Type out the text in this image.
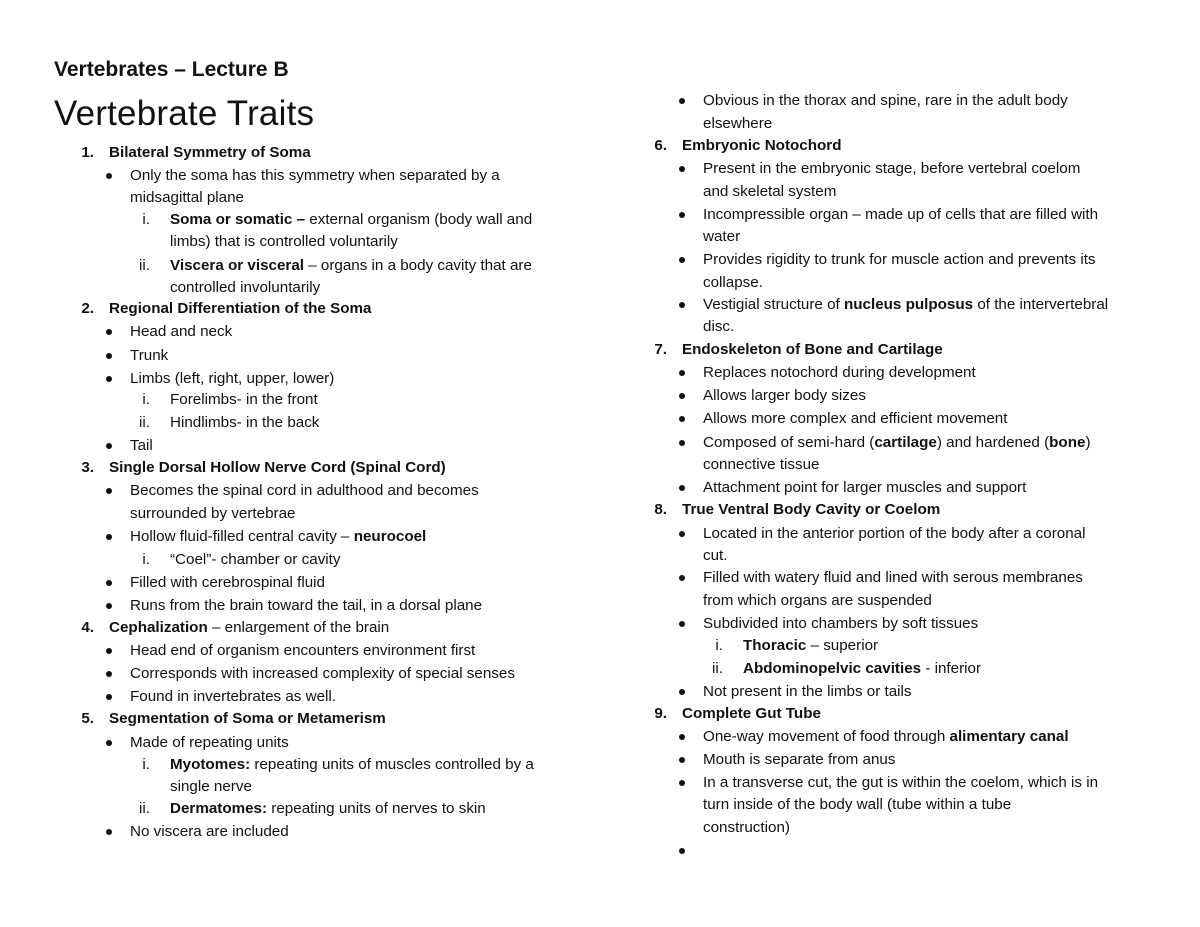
Vertebrates – Lecture B
Vertebrate Traits
1. Bilateral Symmetry of Soma
Only the soma has this symmetry when separated by a
midsagittal plane
i. Soma or somatic – external organism (body wall and
limbs) that is controlled voluntarily
ii. Viscera or visceral – organs in a body cavity that are
controlled involuntarily
2. Regional Differentiation of the Soma
Head and neck
Trunk
Limbs (left, right, upper, lower)
i. Forelimbs- in the front
ii. Hindlimbs- in the back
Tail
3. Single Dorsal Hollow Nerve Cord (Spinal Cord)
Becomes the spinal cord in adulthood and becomes
surrounded by vertebrae
Hollow fluid-filled central cavity – neurocoel
i. “Coel”- chamber or cavity
Filled with cerebrospinal fluid
Runs from the brain toward the tail, in a dorsal plane
4. Cephalization – enlargement of the brain
Head end of organism encounters environment first
Corresponds with increased complexity of special senses
Found in invertebrates as well.
5. Segmentation of Soma or Metamerism
Made of repeating units
i. Myotomes: repeating units of muscles controlled by a
single nerve
ii. Dermatomes: repeating units of nerves to skin
No viscera are included
Obvious in the thorax and spine, rare in the adult body
elsewhere
6. Embryonic Notochord
Present in the embryonic stage, before vertebral coelom
and skeletal system
Incompressible organ – made up of cells that are filled with
water
Provides rigidity to trunk for muscle action and prevents its
collapse.
Vestigial structure of nucleus pulposus of the intervertebral
disc.
7. Endoskeleton of Bone and Cartilage
Replaces notochord during development
Allows larger body sizes
Allows more complex and efficient movement
Composed of semi-hard (cartilage) and hardened (bone)
connective tissue
Attachment point for larger muscles and support
8. True Ventral Body Cavity or Coelom
Located in the anterior portion of the body after a coronal
cut.
Filled with watery fluid and lined with serous membranes
from which organs are suspended
Subdivided into chambers by soft tissues
i. Thoracic – superior
ii. Abdominopelvic cavities - inferior
Not present in the limbs or tails
9. Complete Gut Tube
One-way movement of food through alimentary canal
Mouth is separate from anus
In a transverse cut, the gut is within the coelom, which is in
turn inside of the body wall (tube within a tube
construction)
